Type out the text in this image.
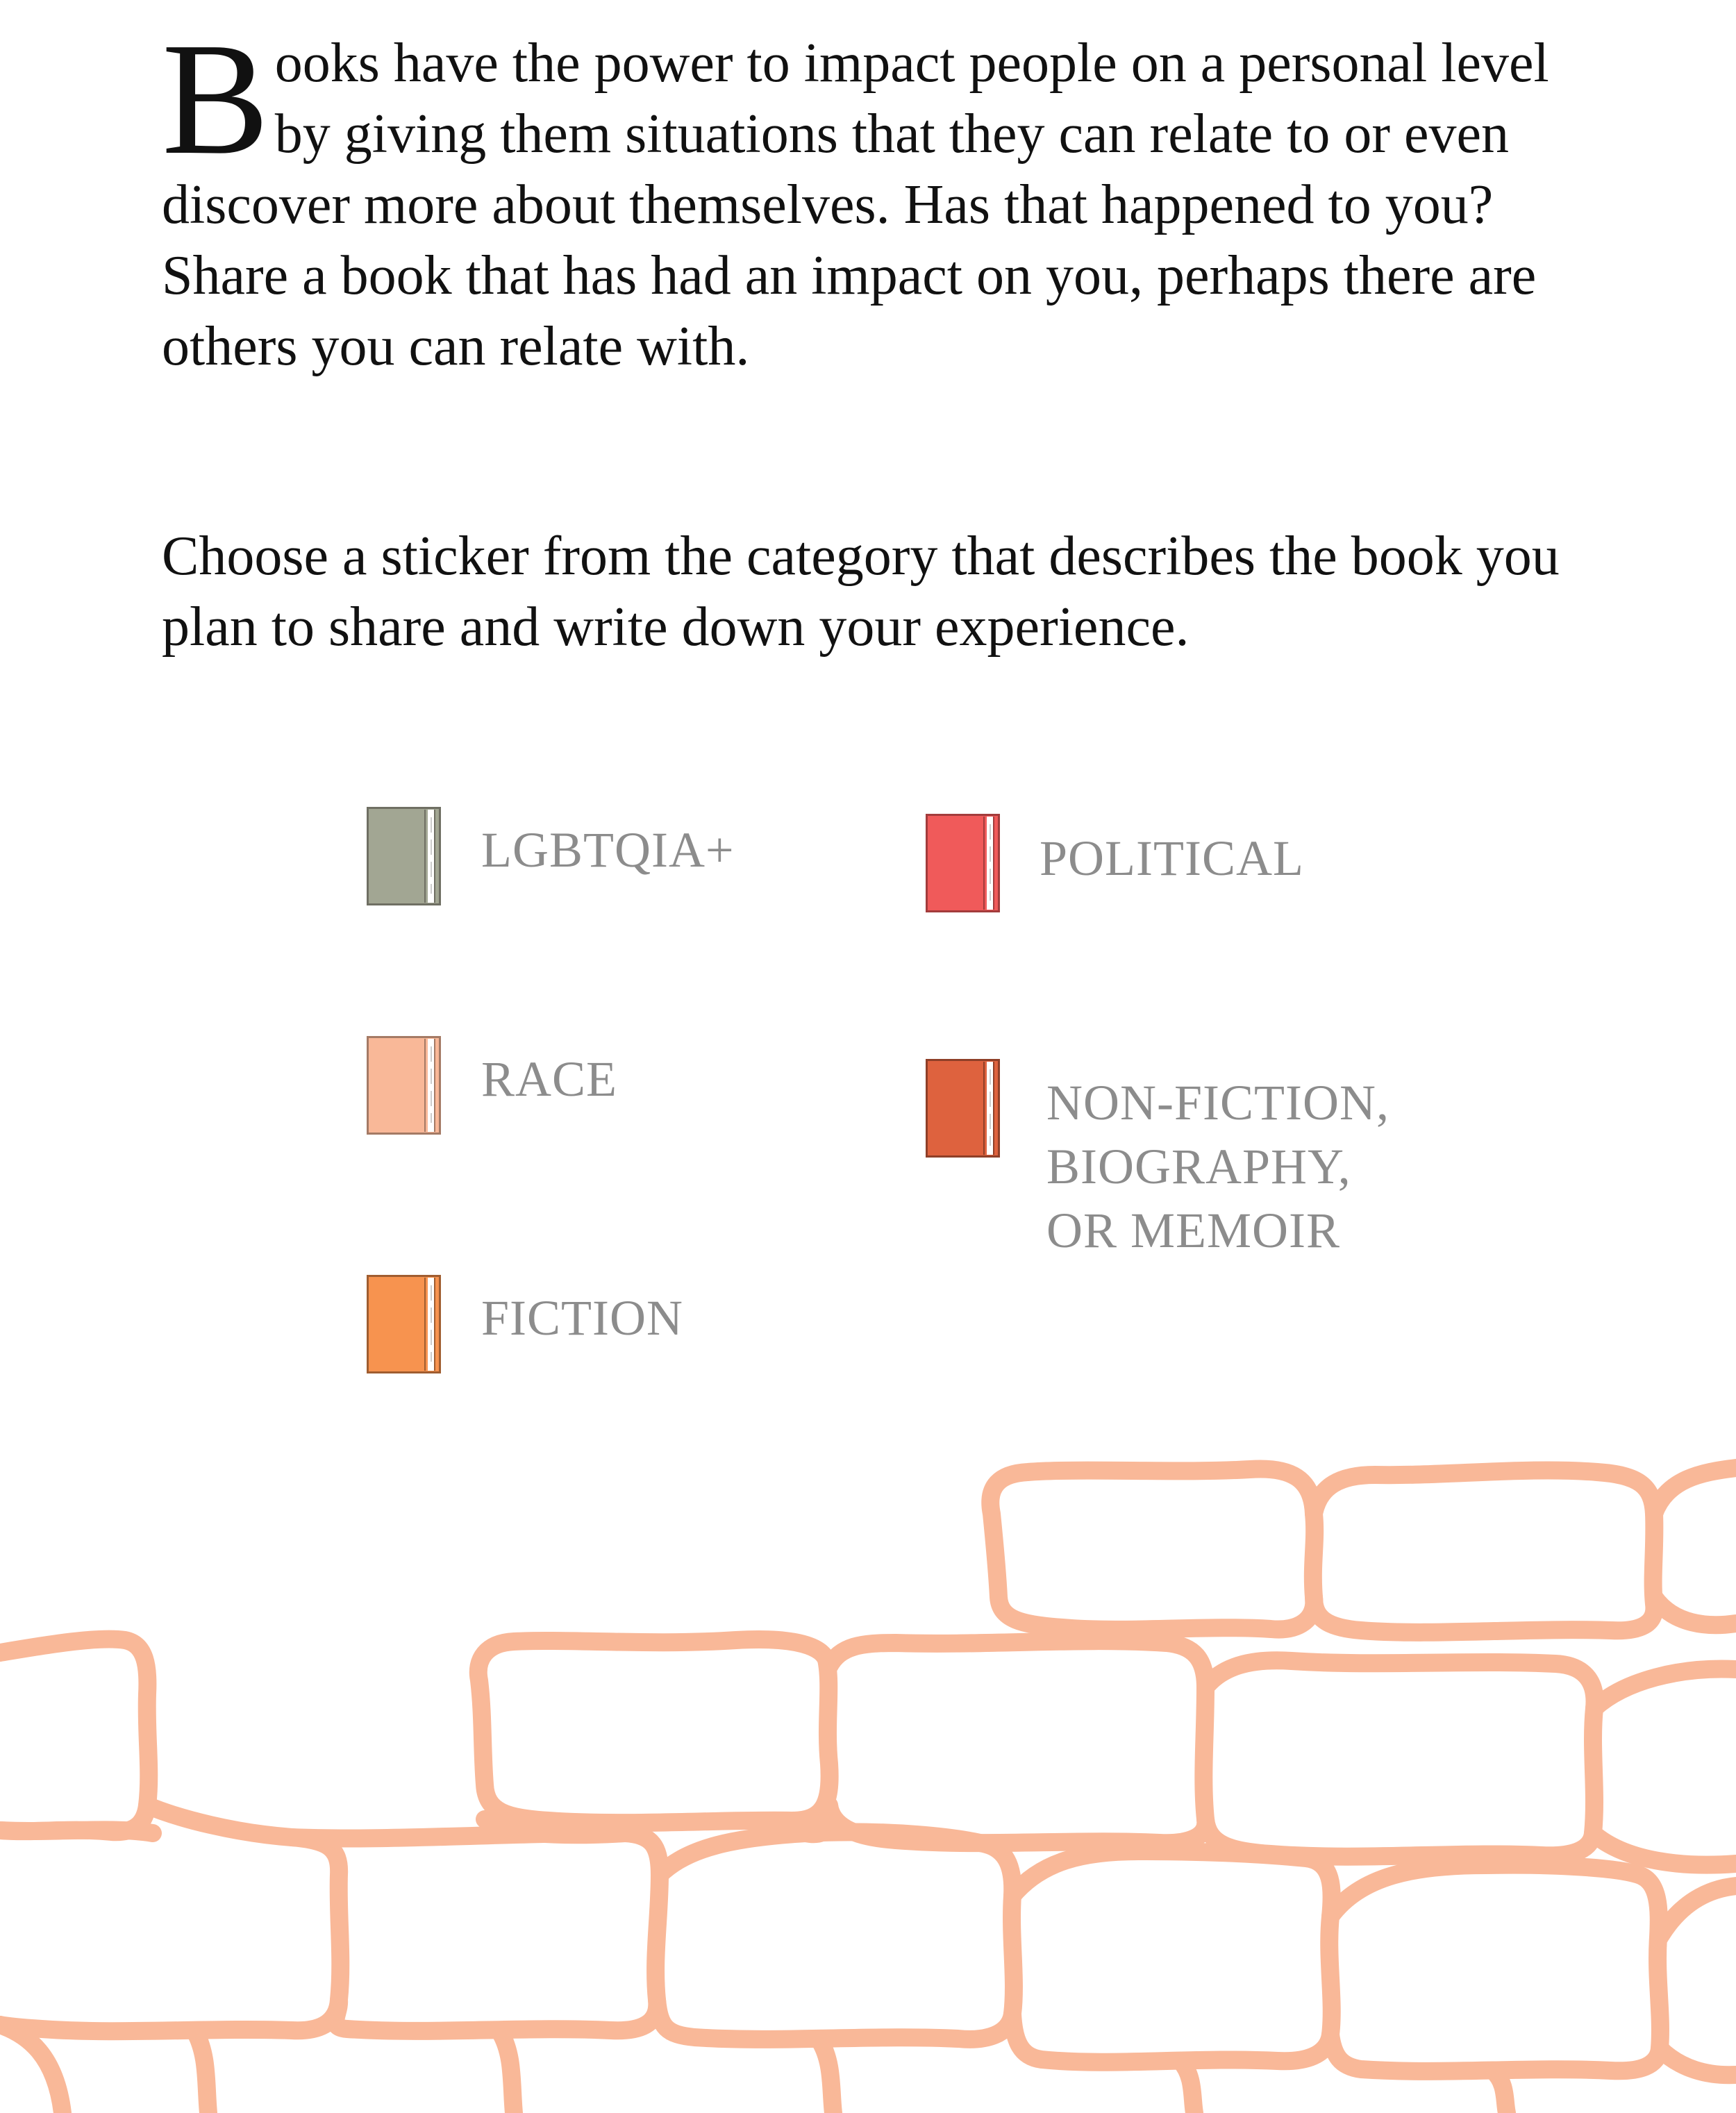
Books have the power to impact people on a personal level by giving them situations that they can relate to or even discover more about themselves. Has that happened to you? Share a book that has had an impact on you, perhaps there are others you can relate with.

Choose a sticker from the category that describes the book you plan to share and write down your experience.

LGBTQIA+	POLITICAL
RACE	NON-FICTION,
BIOGRAPHY,
OR MEMOIR
FICTION
